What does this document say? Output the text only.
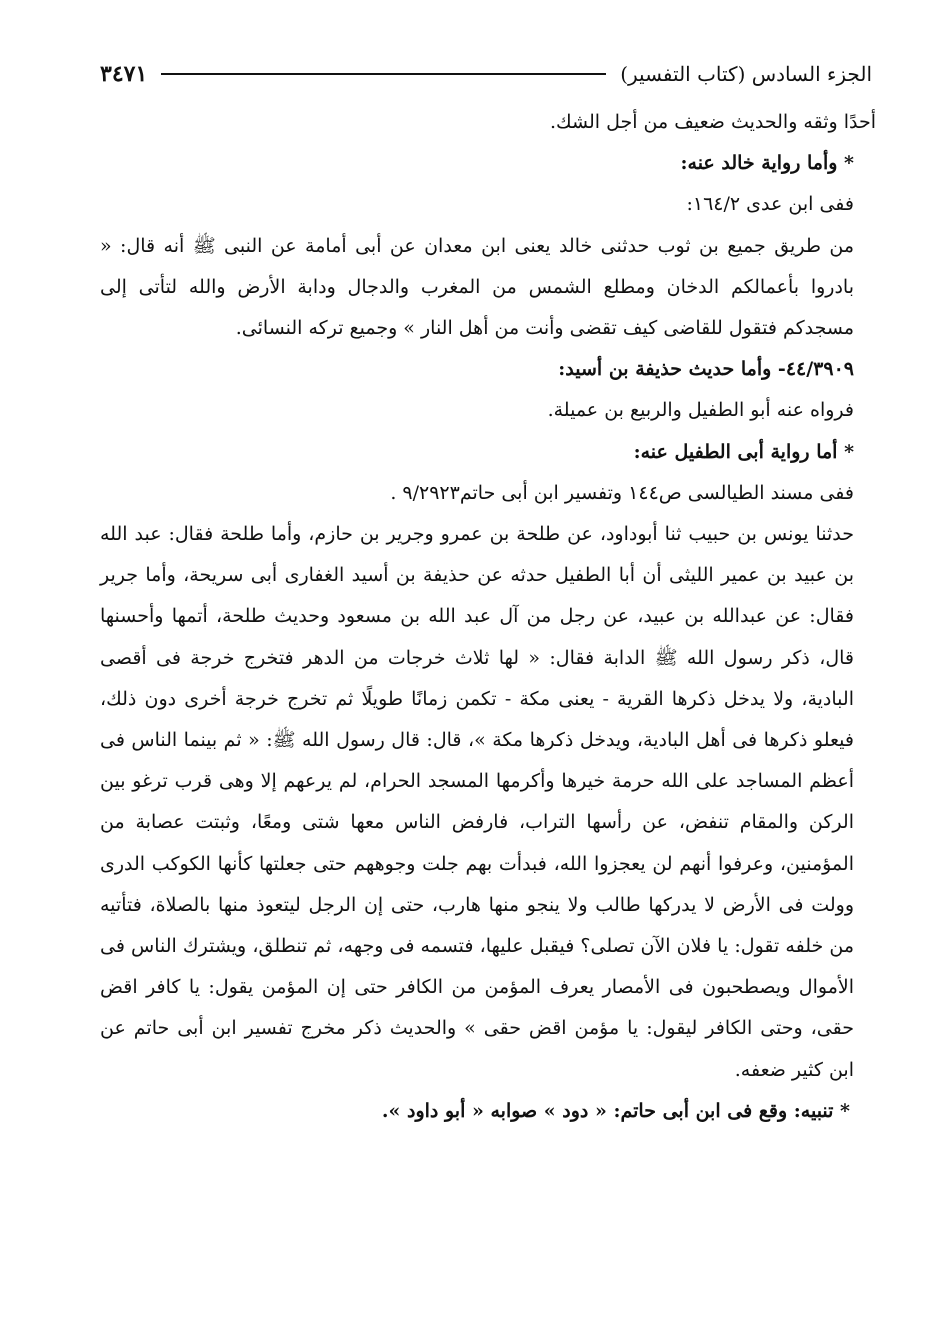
الجزء السادس (كتاب التفسير)
٣٤٧١

أحدًا وثقه والحديث ضعيف من أجل الشك.

* وأما رواية خالد عنه:

ففى ابن عدى ١٦٤/٢:

من طريق جميع بن ثوب حدثنى خالد يعنى ابن معدان عن أبى أمامة عن النبى ﷺ أنه قال: « بادروا بأعمالكم الدخان ومطلع الشمس من المغرب والدجال ودابة الأرض والله لتأتى إلى مسجدكم فتقول للقاضى كيف تقضى وأنت من أهل النار » وجميع تركه النسائى.

٤٤/٣٩٠٩- وأما حديث حذيفة بن أسيد:

فرواه عنه أبو الطفيل والربيع بن عميلة.

* أما رواية أبى الطفيل عنه:

ففى مسند الطيالسى ص١٤٤ وتفسير ابن أبى حاتم٩/٢٩٢٣ .

حدثنا يونس بن حبيب ثنا أبوداود، عن طلحة بن عمرو وجرير بن حازم، وأما طلحة فقال: عبد الله بن عبيد بن عمير الليثى أن أبا الطفيل حدثه عن حذيفة بن أسيد الغفارى أبى سريحة، وأما جرير فقال: عن عبدالله بن عبيد، عن رجل من آل عبد الله بن مسعود وحديث طلحة، أتمها وأحسنها قال، ذكر رسول الله ﷺ الدابة فقال: « لها ثلاث خرجات من الدهر فتخرج خرجة فى أقصى البادية، ولا يدخل ذكرها القرية - يعنى مكة - تكمن زمانًا طويلًا ثم تخرج خرجة أخرى دون ذلك، فيعلو ذكرها فى أهل البادية، ويدخل ذكرها مكة »، قال: قال رسول الله ﷺ: « ثم بينما الناس فى أعظم المساجد على الله حرمة خيرها وأكرمها المسجد الحرام، لم يرعهم إلا وهى قرب ترغو بين الركن والمقام تنفض، عن رأسها التراب، فارفض الناس معها شتى ومعًا، وثبتت عصابة من المؤمنين، وعرفوا أنهم لن يعجزوا الله، فبدأت بهم جلت وجوههم حتى جعلتها كأنها الكوكب الدرى وولت فى الأرض لا يدركها طالب ولا ينجو منها هارب، حتى إن الرجل ليتعوذ منها بالصلاة، فتأتيه من خلفه تقول: يا فلان الآن تصلى؟ فيقبل عليها، فتسمه فى وجهه، ثم تنطلق، ويشترك الناس فى الأموال ويصطحبون فى الأمصار يعرف المؤمن من الكافر حتى إن المؤمن يقول: يا كافر اقض حقى، وحتى الكافر ليقول: يا مؤمن اقض حقى » والحديث ذكر مخرج تفسير ابن أبى حاتم عن ابن كثير ضعفه.

* تنبيه: وقع فى ابن أبى حاتم: « دود » صوابه « أبو داود ».
